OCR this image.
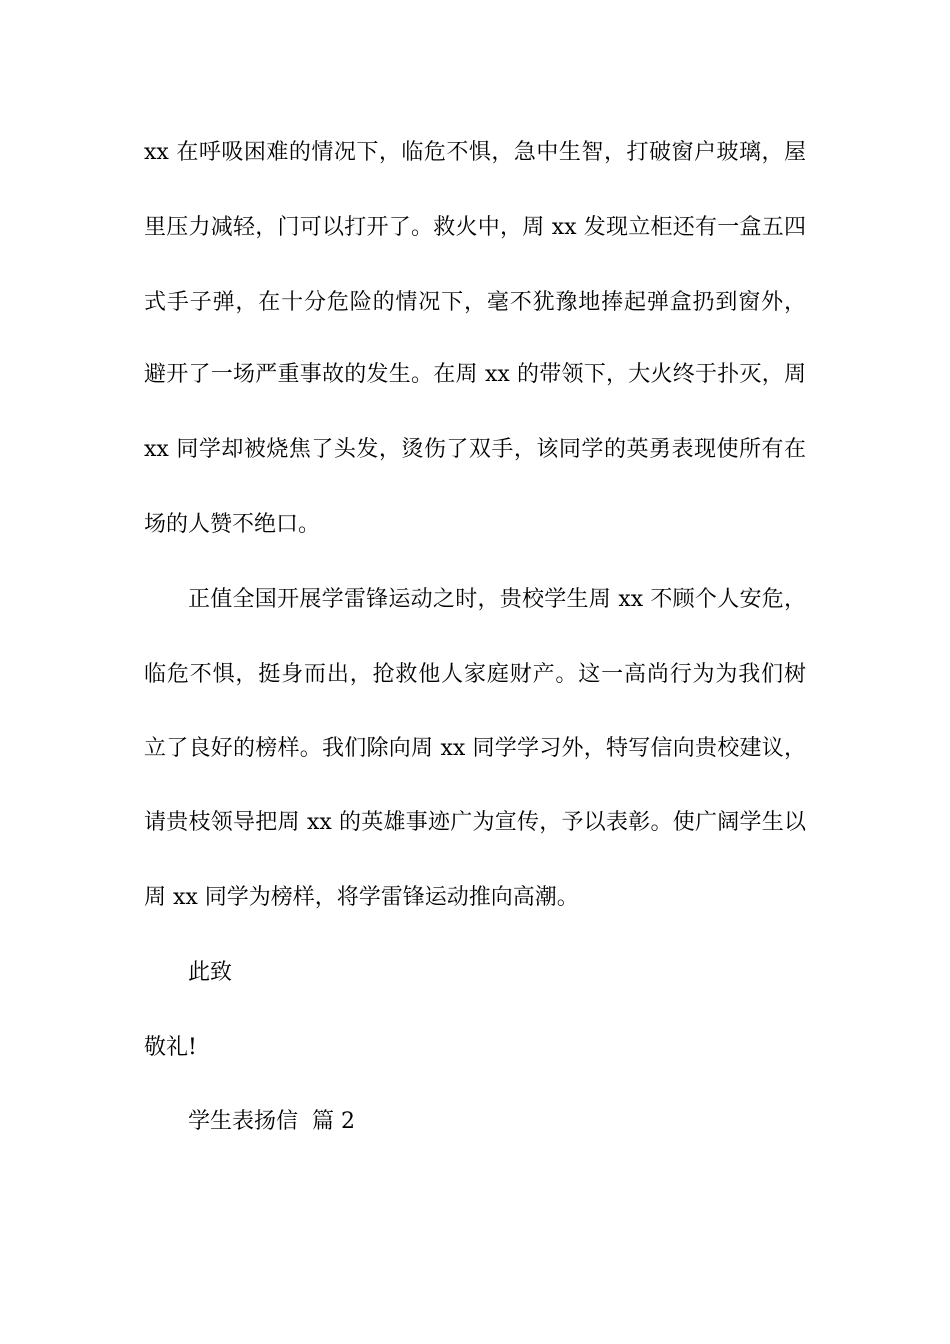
xx 在呼吸困难的情况下，临危不惧，急中生智，打破窗户玻璃，屋
里压力减轻，门可以打开了。救火中，周 xx 发现立柜还有一盒五四
式手子弹，在十分危险的情况下，毫不犹豫地捧起弹盒扔到窗外，
避开了一场严重事故的发生。在周 xx 的带领下，大火终于扑灭，周
xx 同学却被烧焦了头发，烫伤了双手，该同学的英勇表现使所有在
场的人赞不绝口。
正值全国开展学雷锋运动之时，贵校学生周 xx 不顾个人安危，
临危不惧，挺身而出，抢救他人家庭财产。这一高尚行为为我们树
立了良好的榜样。我们除向周 xx 同学学习外，特写信向贵校建议，
请贵枝领导把周 xx 的英雄事迹广为宣传，予以表彰。使广阔学生以
周 xx 同学为榜样，将学雷锋运动推向高潮。
此致
敬礼!
学生表扬信  篇 2
